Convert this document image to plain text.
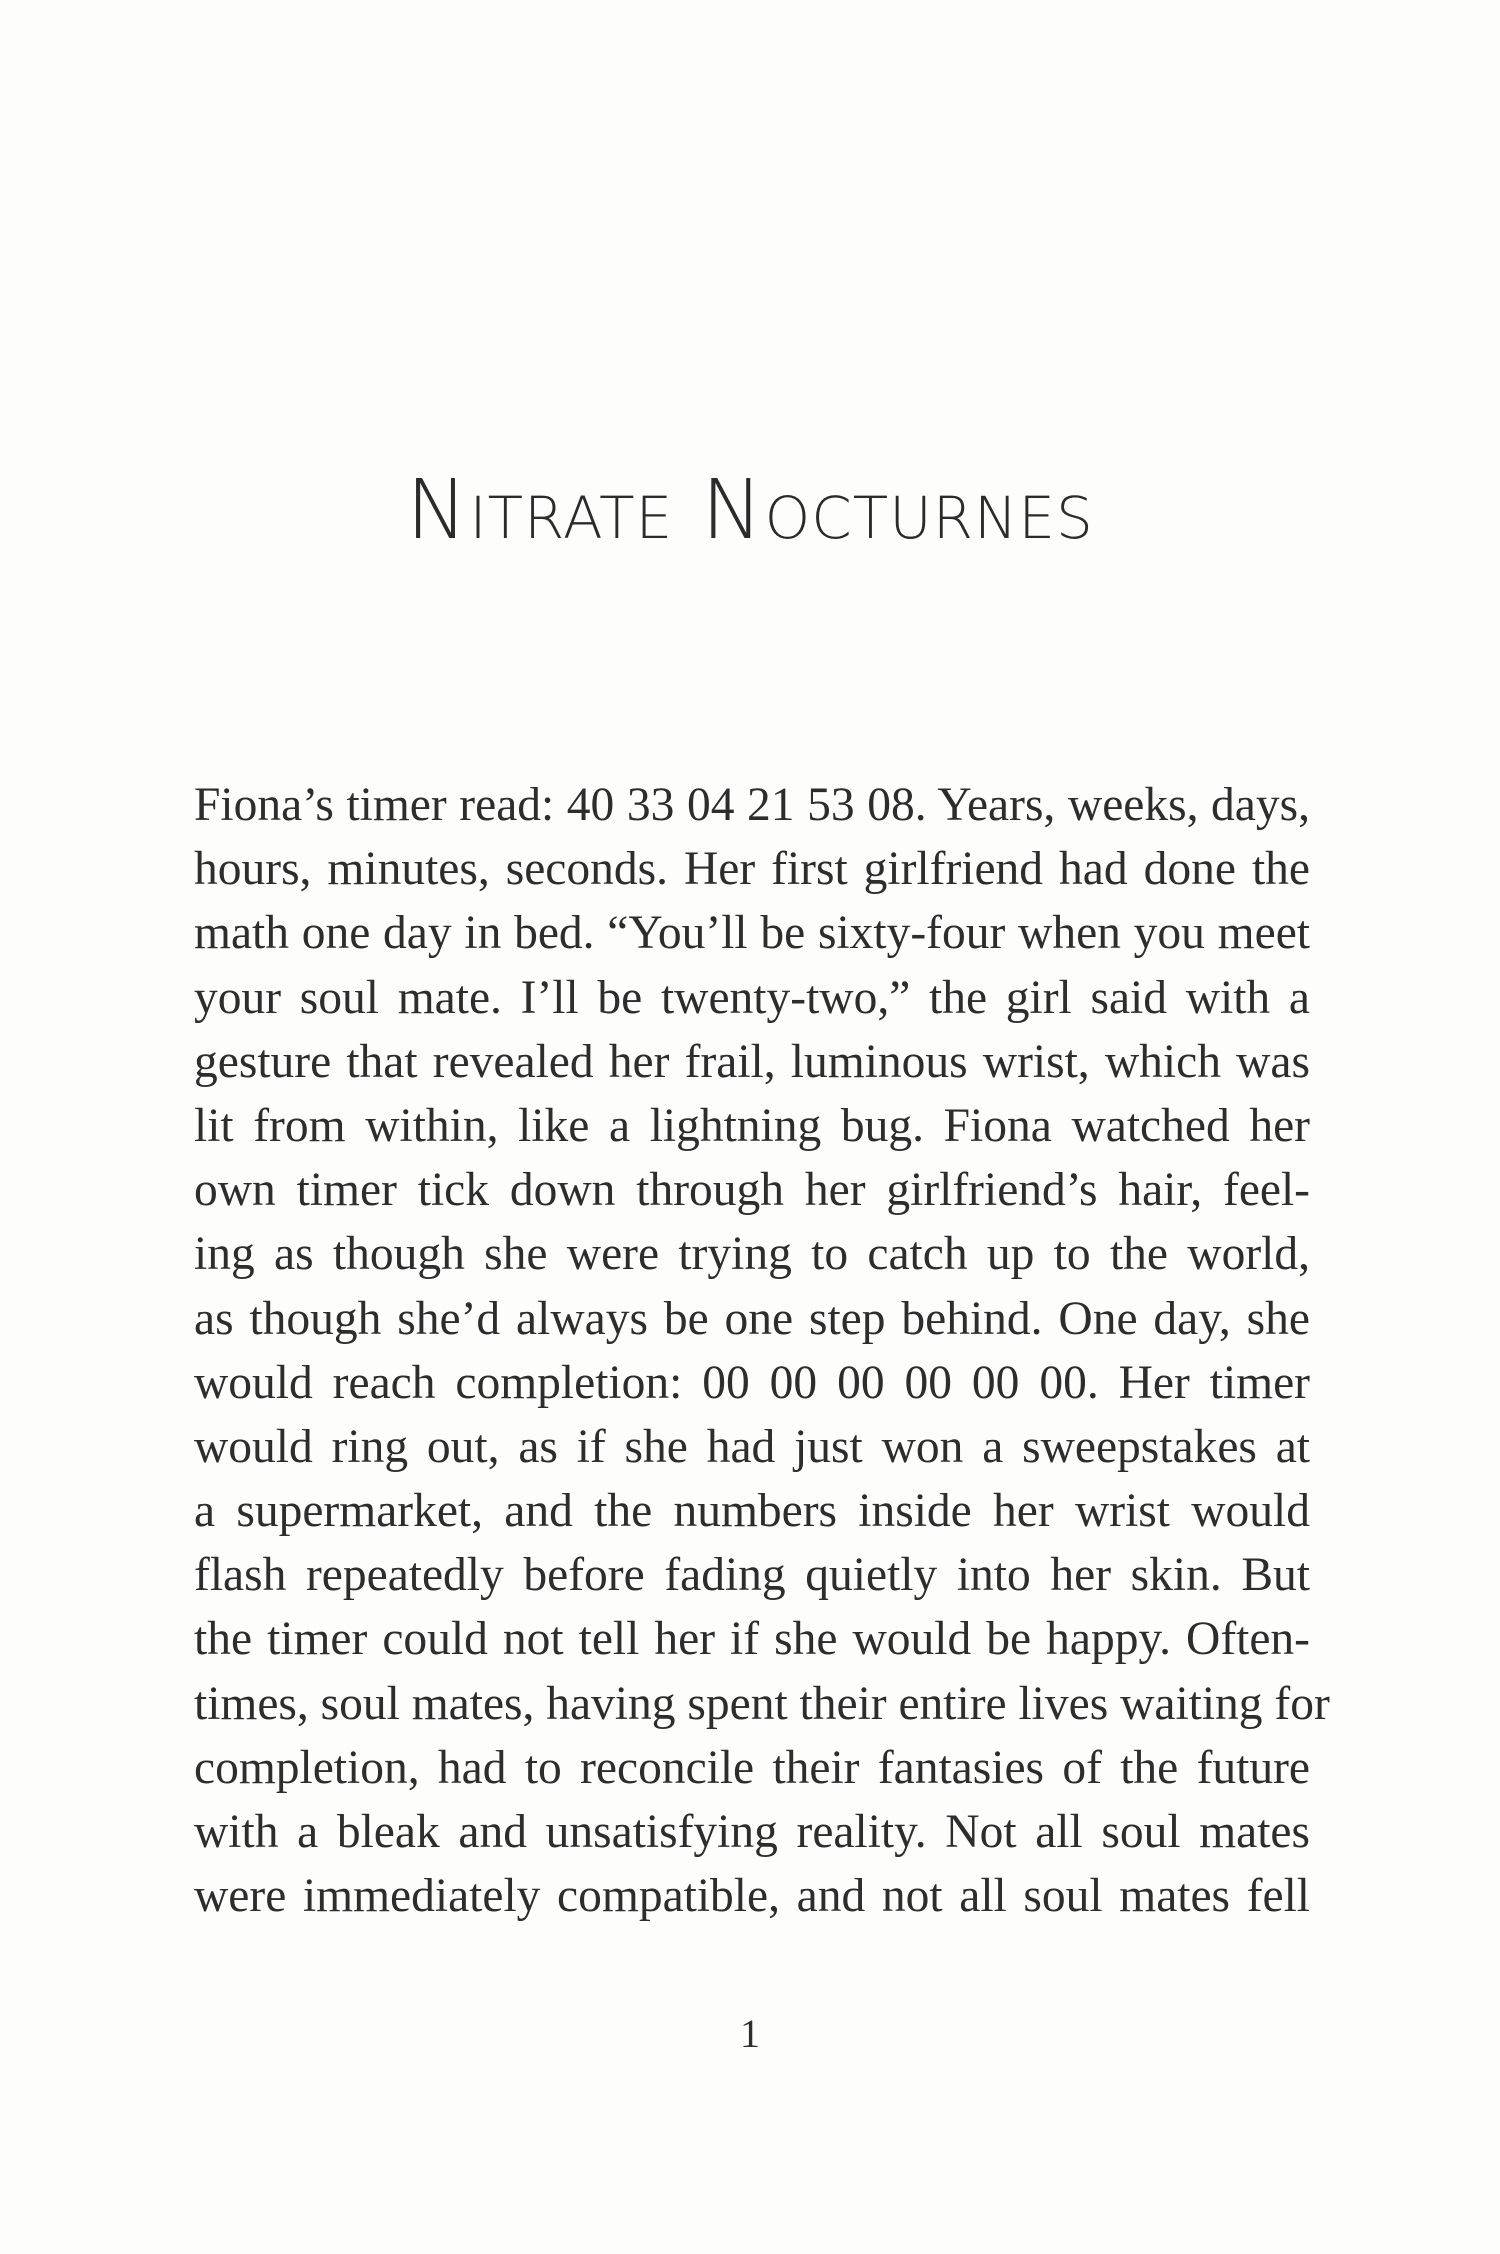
NITRATE NOCTURNES
Fiona’s timer read: 40 33 04 21 53 08. Years, weeks, days,
hours, minutes, seconds. Her first girlfriend had done the
math one day in bed. “You’ll be sixty-four when you meet
your soul mate. I’ll be twenty-two,” the girl said with a
gesture that revealed her frail, luminous wrist, which was
lit from within, like a lightning bug. Fiona watched her
own timer tick down through her girlfriend’s hair, feel-
ing as though she were trying to catch up to the world,
as though she’d always be one step behind. One day, she
would reach completion: 00 00 00 00 00 00. Her timer
would ring out, as if she had just won a sweepstakes at
a supermarket, and the numbers inside her wrist would
flash repeatedly before fading quietly into her skin. But
the timer could not tell her if she would be happy. Often-
times, soul mates, having spent their entire lives waiting for
completion, had to reconcile their fantasies of the future
with a bleak and unsatisfying reality. Not all soul mates
were immediately compatible, and not all soul mates fell
1
